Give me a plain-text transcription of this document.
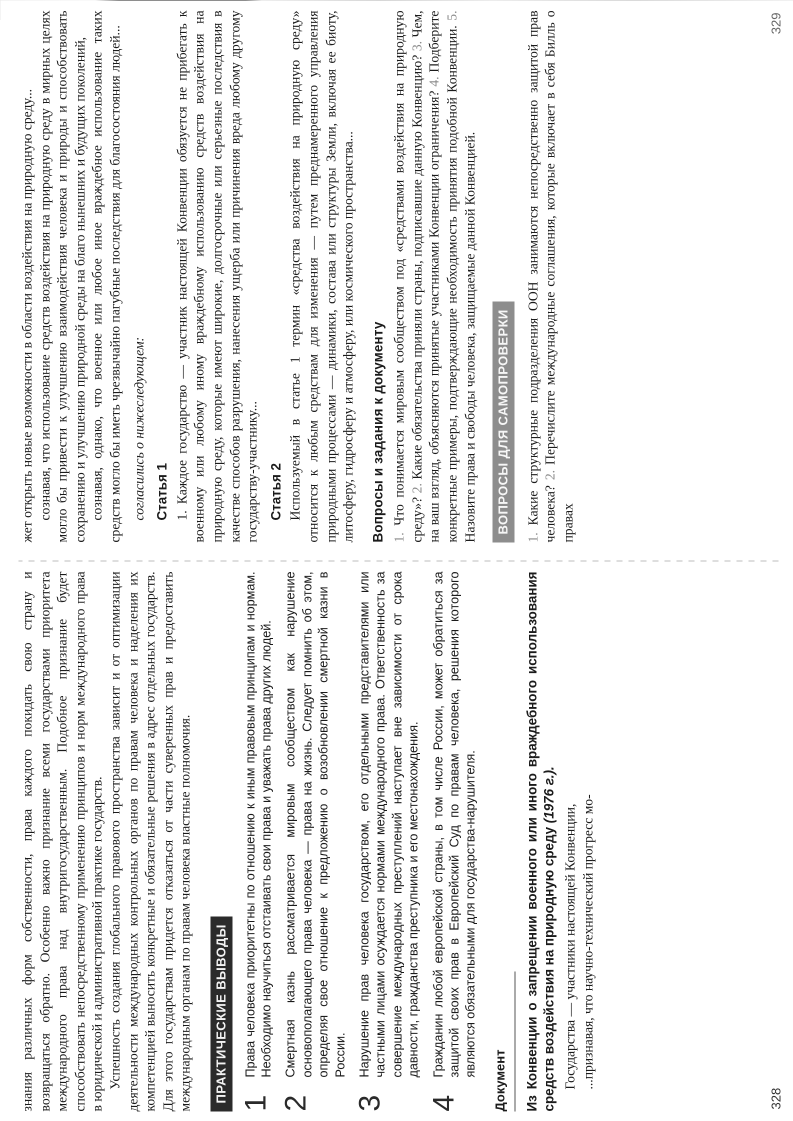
знания различных форм собственности, права каждого покидать свою страну и возвращаться обратно. Особенно важно признание всеми государствами приоритета международного права над внутригосударственным. Подобное признание будет способствовать непосредственному применению принципов и норм международного права в юридической и административной практике государств. Успешность создания глобального правового пространства зависит и от оптимизации деятельности международных контрольных органов по правам человека и наделения их компетенцией выносить конкретные и обязательные решения в адрес отдельных государств. Для этого государствам придется отказаться от части суверенных прав и предоставить международным органам по правам человека властные полномочия. ПРАКТИЧЕСКИЕ ВЫВОДЫ 1
Права человека приоритетны по отношению к иным правовым принципам и нормам. Необходимо научиться отстаивать свои права и уважать права других людей.
2
Смертная казнь рассматривается мировым сообществом как нарушение основополагающего права человека — права на жизнь. Следует помнить об этом, определяя свое отношение к предложению о возобновлении смертной казни в России.
3
Нарушение прав человека государством, его отдельными представителями или частными лицами осуждается нормами международного права. Ответственность за совершение международных преступлений наступает вне зависимости от срока давности, гражданства преступника и его местонахождения.
4
Гражданин любой европейской страны, в том числе России, может обратиться за защитой своих прав в Европейский Суд по правам человека, решения которого являются обязательными для государства-нарушителя.
Документ Из Конвенции о запрещении военного или иного враждебного использования средств воздействия на природную среду (1976 г.).

Государства — участники настоящей Конвенции, ...признавая, что научно-технический прогресс мо-

328

жет открыть новые возможности в области воздействия на природную среду... сознавая, что использование средств воздействия на природную среду в мирных целях могло бы привести к улучшению взаимодействия человека и природы и способствовать сохранению и улучшению природной среды на благо нынешних и будущих поколений, сознавая, однако, что военное или любое иное враждебное использование таких средств могло бы иметь чрезвычайно пагубные последствия для благосостояния людей... согласились о нижеследующем: Статья 1 1. Каждое государство — участник настоящей Конвенции обязуется не прибегать к военному или любому иному враждебному использованию средств воздействия на природную среду, которые имеют широкие, долгосрочные или серьезные последствия в качестве способов разрушения, нанесения ущерба или причинения вреда любому другому государству-участнику... Статья 2 Используемый в статье 1 термин «средства воздействия на природную среду» относится к любым средствам для изменения — путем преднамеренного управления природными процессами — динамики, состава или структуры Земли, включая ее биоту, литосферу, гидросферу и атмосферу, или космического пространства... Вопросы и задания к документу 1. Что понимается мировым сообществом под «средствами воздействия на природную среду»? 2. Какие обязательства приняли страны, подписавшие данную Конвенцию? 3. Чем, на ваш взгляд, объясняются принятые участниками Конвенции ограничения? 4. Подберите конкретные примеры, подтверждающие необходимость принятия подобной Конвенции. 5. Назовите права и свободы человека, защищаемые данной Конвенцией. ВОПРОСЫ ДЛЯ САМОПРОВЕРКИ

1. Какие структурные подразделения ООН занимаются непосредственно защитой прав человека? 2. Перечислите международные соглашения, которые включает в себя Билль о правах

329
